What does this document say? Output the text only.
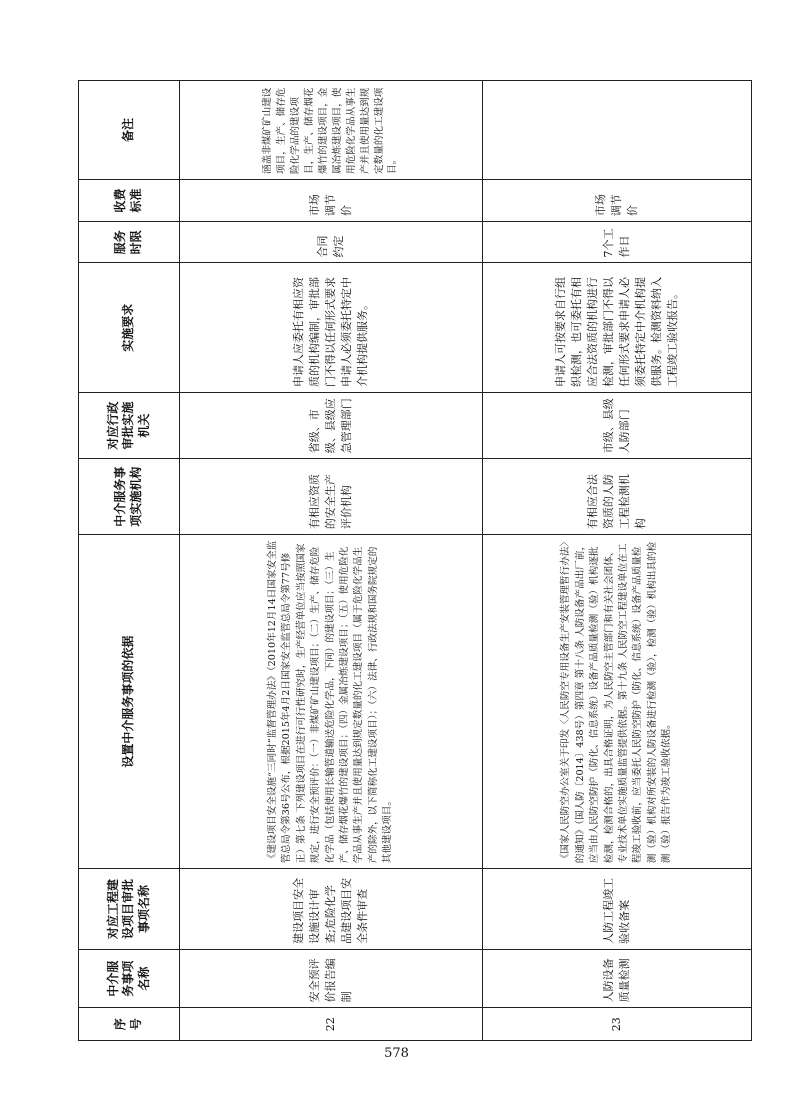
序号	中介服务事项名称	对应工程建设项目审批事项名称	设置中介服务事项的依据	中介服务事项实施机构	对应行政审批实施机关	实施要求	服务时限	收费标准	备注
22	安全预评价报告编制	建设项目安全设施设计审查;危险化学品建设项目安全条件审查	《建设项目安全设施“三同时”监督管理办法》（2010年12月14日国家安全监管总局令第36号公布，根据2015年4月2日国家安全监管总局令第77号修正）第七条 下列建设项目在进行可行性研究时，生产经营单位应当按照国家规定，进行安全预评价：（一）非煤矿矿山建设项目；（二）生产、储存危险化学品（包括使用长输管道输送危险化学品，下同）的建设项目；（三）生产、储存烟花爆竹的建设项目；（四）金属冶炼建设项目；（五）使用危险化学品从事生产并且使用量达到规定数量的化工建设项目（属于危险化学品生产的除外，以下简称化工建设项目）；（六）法律、行政法规和国务院规定的其他建设项目。	有相应资质的安全生产评价机构	省级、市级、县级应急管理部门	申请人应委托有相应资质的机构编制，审批部门不得以任何形式要求申请人必须委托特定中介机构提供服务。	合同约定	市场调节价	涵盖非煤矿矿山建设项目，生产、储存危险化学品的建设项目，生产、储存烟花爆竹的建设项目，金属冶炼建设项目，使用危险化学品从事生产并且使用量达到规定数量的化工建设项目。
23	人防设备质量检测	人防工程竣工验收备案	《国家人民防空办公室关于印发〈人民防空专用设备生产安装管理暂行办法〉的通知》（国人防〔2014〕438号）第四章 第十八条 人防设备产品出厂前，应当由人民防空防护（防化、信息系统）设备产品质量检测（验）机构逐批检测，检测合格的，出具合格证明，为人民防空主管部门和有关社会团体、专业技术单位实施质量监管提供依据。第十九条 人民防空工程建设单位在工程竣工验收前，应当委托人民防空防护（防化、信息系统）设备产品质量检测（验）机构对所安装的人防设备进行检测（验），检测（验）机构出具的检测（验）报告作为竣工验收依据。	有相应合法资质的人防工程检测机构	市级、县级人防部门	申请人可按要求自行组织检测，也可委托有相应合法资质的机构进行检测，审批部门不得以任何形式要求申请人必须委托特定中介机构提供服务。检测资料纳入工程竣工验收报告。	7个工作日	市场调节价	
578
